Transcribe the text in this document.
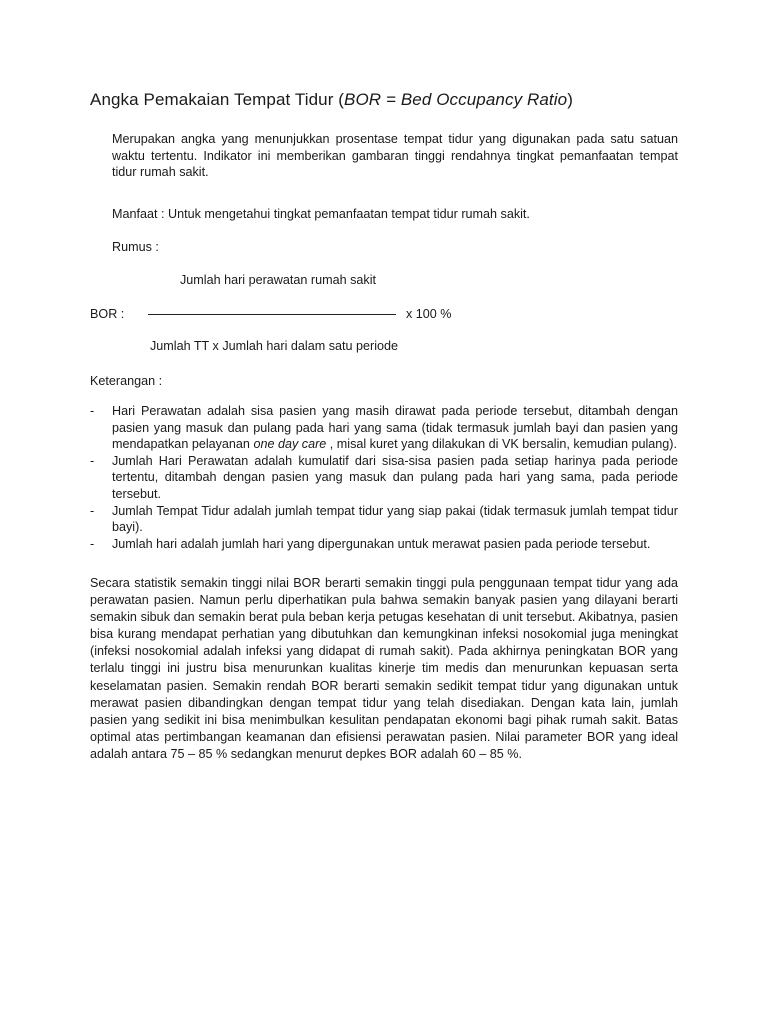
Angka Pemakaian Tempat Tidur (BOR = Bed Occupancy Ratio)
Merupakan angka yang menunjukkan prosentase tempat tidur yang digunakan pada satu satuan waktu tertentu. Indikator ini memberikan gambaran tinggi rendahnya tingkat pemanfaatan tempat tidur rumah sakit.
Manfaat : Untuk mengetahui tingkat pemanfaatan tempat tidur rumah sakit.
Rumus :
Jumlah hari perawatan rumah sakit
BOR :	x 100 %
Jumlah TT x Jumlah hari dalam satu periode
Keterangan :
- Hari Perawatan adalah sisa pasien yang masih dirawat pada periode tersebut, ditambah dengan pasien yang masuk dan pulang pada hari yang sama (tidak termasuk jumlah bayi dan pasien yang mendapatkan pelayanan one day care , misal kuret yang dilakukan di VK bersalin, kemudian pulang).
- Jumlah Hari Perawatan adalah kumulatif dari sisa-sisa pasien pada setiap harinya pada periode tertentu, ditambah dengan pasien yang masuk dan pulang pada hari yang sama, pada periode tersebut.
- Jumlah Tempat Tidur adalah jumlah tempat tidur yang siap pakai (tidak termasuk jumlah tempat tidur bayi).
- Jumlah hari adalah jumlah hari yang dipergunakan untuk merawat pasien pada periode tersebut.
Secara statistik semakin tinggi nilai BOR berarti semakin tinggi pula penggunaan tempat tidur yang ada perawatan pasien. Namun perlu diperhatikan pula bahwa semakin banyak pasien yang dilayani berarti semakin sibuk dan semakin berat pula beban kerja petugas kesehatan di unit tersebut. Akibatnya, pasien bisa kurang mendapat perhatian yang dibutuhkan dan kemungkinan infeksi nosokomial juga meningkat (infeksi nosokomial adalah infeksi yang didapat di rumah sakit). Pada akhirnya peningkatan BOR yang terlalu tinggi ini justru bisa menurunkan kualitas kinerje tim medis dan menurunkan kepuasan serta keselamatan pasien. Semakin rendah BOR berarti semakin sedikit tempat tidur yang digunakan untuk merawat pasien dibandingkan dengan tempat tidur yang telah disediakan. Dengan kata lain, jumlah pasien yang sedikit ini bisa menimbulkan kesulitan pendapatan ekonomi bagi pihak rumah sakit. Batas optimal atas pertimbangan keamanan dan efisiensi perawatan pasien. Nilai parameter BOR yang ideal adalah antara 75 – 85 % sedangkan menurut depkes BOR adalah 60 – 85 %.
